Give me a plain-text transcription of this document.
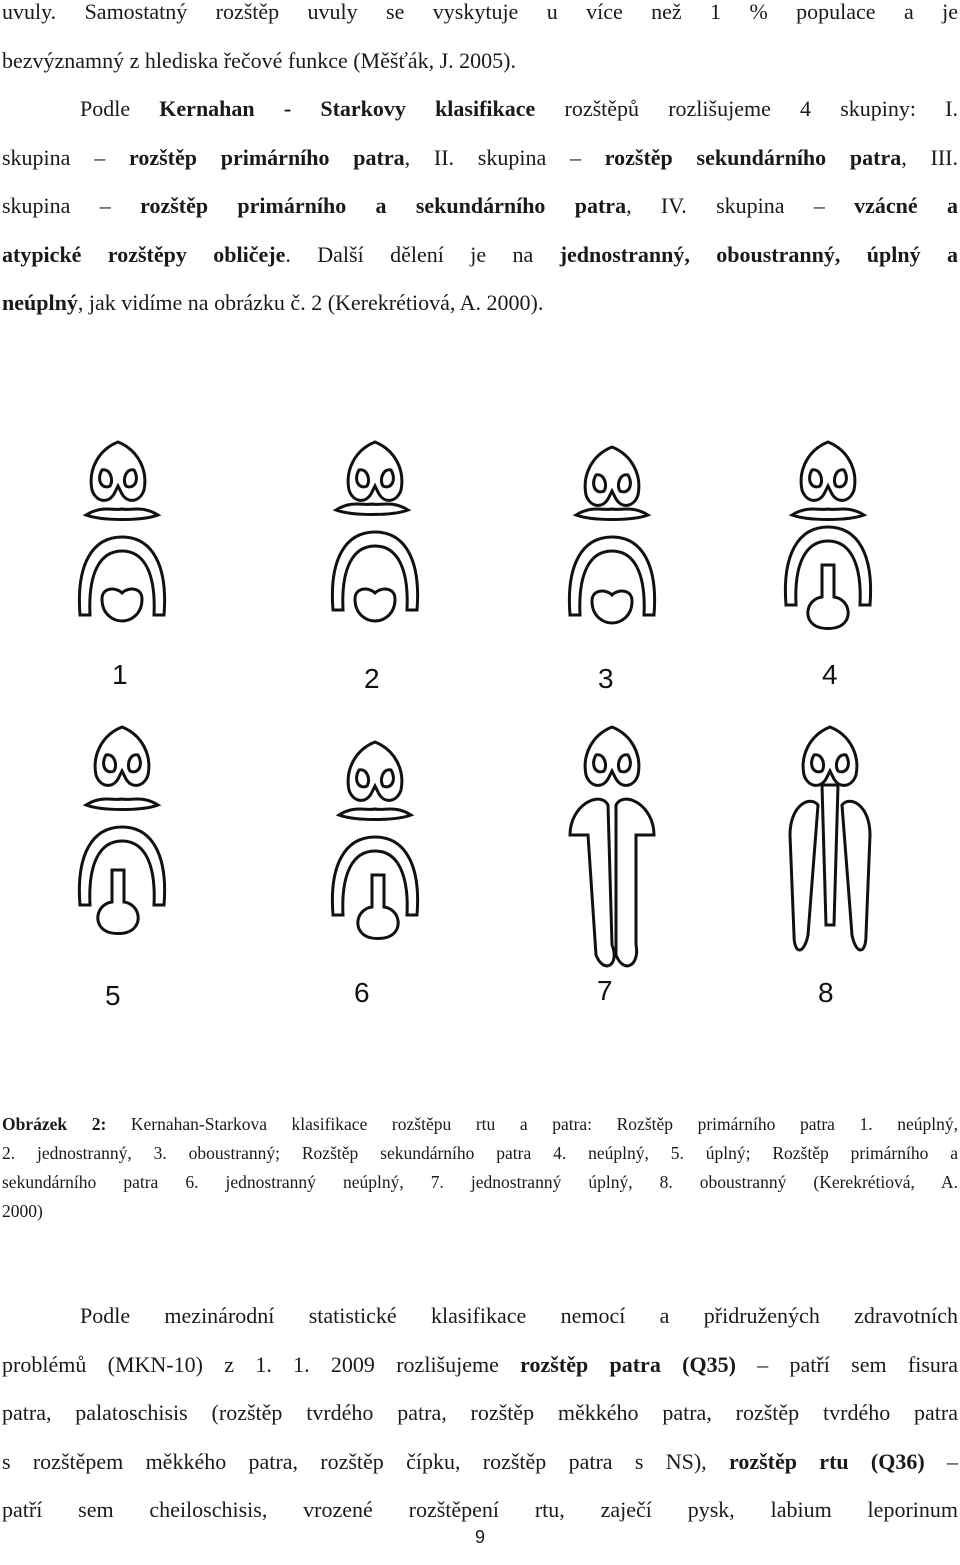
uvuly. Samostatný rozštěp uvuly se vyskytuje u více než 1 % populace a je
bezvýznamný z hlediska řečové funkce (Měšťák, J. 2005).
Podle Kernahan - Starkovy klasifikace rozštěpů rozlišujeme 4 skupiny: I.
skupina – rozštěp primárního patra, II. skupina – rozštěp sekundárního patra, III.
skupina – rozštěp primárního a sekundárního patra, IV. skupina – vzácné a
atypické rozštěpy obličeje. Další dělení je na jednostranný, oboustranný, úplný a
neúplný, jak vidíme na obrázku č. 2 (Kerekrétiová, A. 2000).
1	2	3	4
5	6	7	8
Obrázek 2: Kernahan-Starkova klasifikace rozštěpu rtu a patra: Rozštěp primárního patra 1. neúplný,
2. jednostranný, 3. oboustranný; Rozštěp sekundárního patra 4. neúplný, 5. úplný; Rozštěp primárního a
sekundárního patra 6. jednostranný neúplný, 7. jednostranný úplný, 8. oboustranný (Kerekrétiová, A.
2000)
Podle mezinárodní statistické klasifikace nemocí a přidružených zdravotních
problémů (MKN-10) z 1. 1. 2009 rozlišujeme rozštěp patra (Q35) – patří sem fisura
patra, palatoschisis (rozštěp tvrdého patra, rozštěp měkkého patra, rozštěp tvrdého patra
s rozštěpem měkkého patra, rozštěp čípku, rozštěp patra s NS), rozštěp rtu (Q36) –
patří sem cheiloschisis, vrozené rozštěpení rtu, zaječí pysk, labium leporinum
9
